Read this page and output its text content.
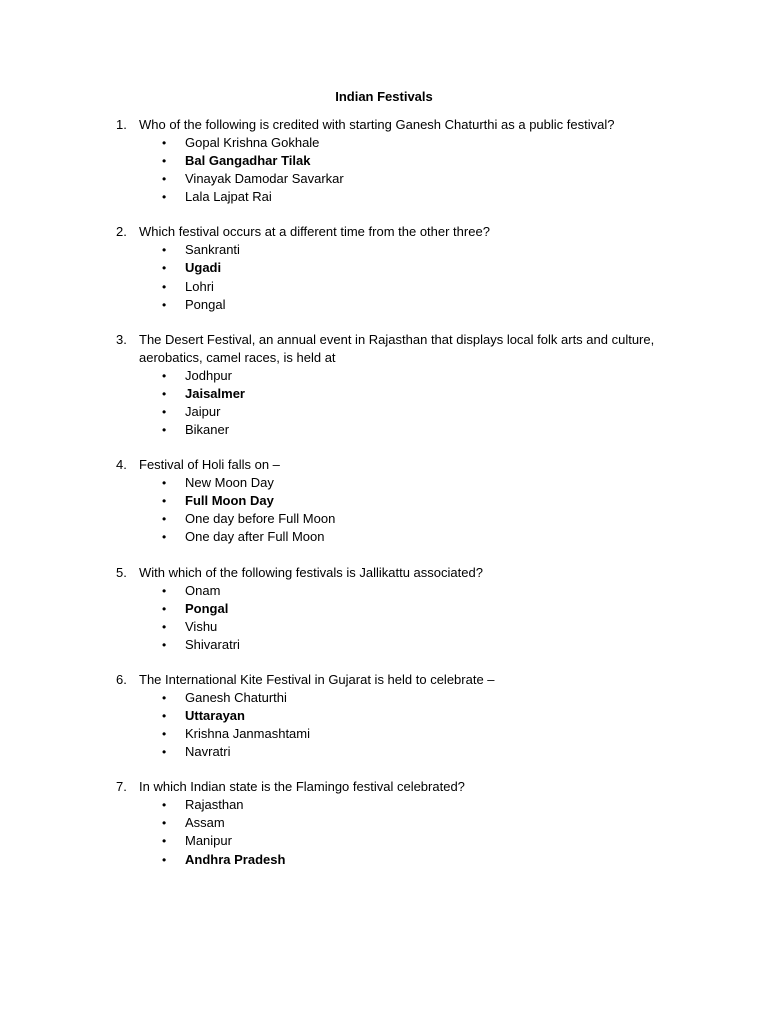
Indian Festivals
1. Who of the following is credited with starting Ganesh Chaturthi as a public festival?
• Gopal Krishna Gokhale
• Bal Gangadhar Tilak
• Vinayak Damodar Savarkar
• Lala Lajpat Rai
2. Which festival occurs at a different time from the other three?
• Sankranti
• Ugadi
• Lohri
• Pongal
3. The Desert Festival, an annual event in Rajasthan that displays local folk arts and culture, aerobatics, camel races, is held at
• Jodhpur
• Jaisalmer
• Jaipur
• Bikaner
4. Festival of Holi falls on –
• New Moon Day
• Full Moon Day
• One day before Full Moon
• One day after Full Moon
5. With which of the following festivals is Jallikattu associated?
• Onam
• Pongal
• Vishu
• Shivaratri
6. The International Kite Festival in Gujarat is held to celebrate –
• Ganesh Chaturthi
• Uttarayan
• Krishna Janmashtami
• Navratri
7. In which Indian state is the Flamingo festival celebrated?
• Rajasthan
• Assam
• Manipur
• Andhra Pradesh
